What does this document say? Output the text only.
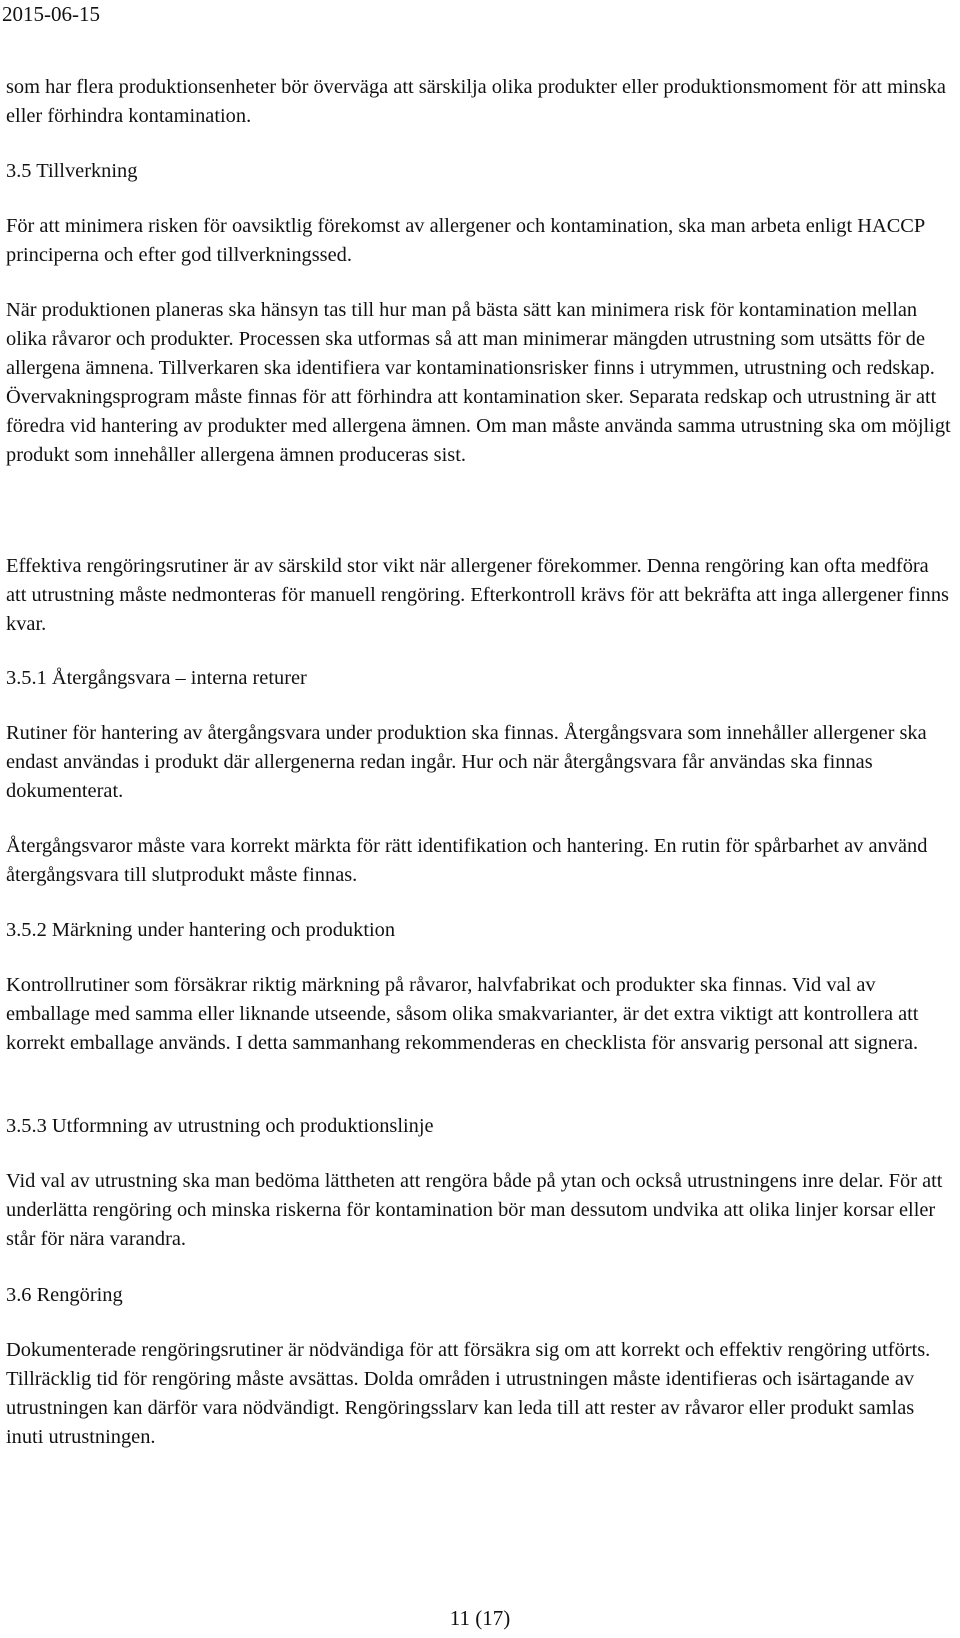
2015-06-15

som har flera produktionsenheter bör överväga att särskilja olika produkter eller produktionsmoment för att minska eller förhindra kontamination.

3.5 Tillverkning

För att minimera risken för oavsiktlig förekomst av allergener och kontamination, ska man arbeta enligt HACCP principerna och efter god tillverkningssed.

När produktionen planeras ska hänsyn tas till hur man på bästa sätt kan minimera risk för kontamination mellan olika råvaror och produkter. Processen ska utformas så att man minimerar mängden utrustning som utsätts för de allergena ämnena. Tillverkaren ska identifiera var kontaminationsrisker finns i utrymmen, utrustning och redskap. Övervakningsprogram måste finnas för att förhindra att kontamination sker. Separata redskap och utrustning är att föredra vid hantering av produkter med allergena ämnen. Om man måste använda samma utrustning ska om möjligt produkt som innehåller allergena ämnen produceras sist.

Effektiva rengöringsrutiner är av särskild stor vikt när allergener förekommer. Denna rengöring kan ofta medföra att utrustning måste nedmonteras för manuell rengöring. Efterkontroll krävs för att bekräfta att inga allergener finns kvar.

3.5.1 Återgångsvara – interna returer

Rutiner för hantering av återgångsvara under produktion ska finnas. Återgångsvara som innehåller allergener ska endast användas i produkt där allergenerna redan ingår. Hur och när återgångsvara får användas ska finnas dokumenterat.

Återgångsvaror måste vara korrekt märkta för rätt identifikation och hantering. En rutin för spårbarhet av använd återgångsvara till slutprodukt måste finnas.

3.5.2 Märkning under hantering och produktion

Kontrollrutiner som försäkrar riktig märkning på råvaror, halvfabrikat och produkter ska finnas. Vid val av emballage med samma eller liknande utseende, såsom olika smakvarianter, är det extra viktigt att kontrollera att korrekt emballage används. I detta sammanhang rekommenderas en checklista för ansvarig personal att signera.

3.5.3 Utformning av utrustning och produktionslinje

Vid val av utrustning ska man bedöma lättheten att rengöra både på ytan och också utrustningens inre delar. För att underlätta rengöring och minska riskerna för kontamination bör man dessutom undvika att olika linjer korsar eller står för nära varandra.

3.6 Rengöring

Dokumenterade rengöringsrutiner är nödvändiga för att försäkra sig om att korrekt och effektiv rengöring utförts. Tillräcklig tid för rengöring måste avsättas. Dolda områden i utrustningen måste identifieras och isärtagande av utrustningen kan därför vara nödvändigt. Rengöringsslarv kan leda till att rester av råvaror eller produkt samlas inuti utrustningen.

11 (17)
